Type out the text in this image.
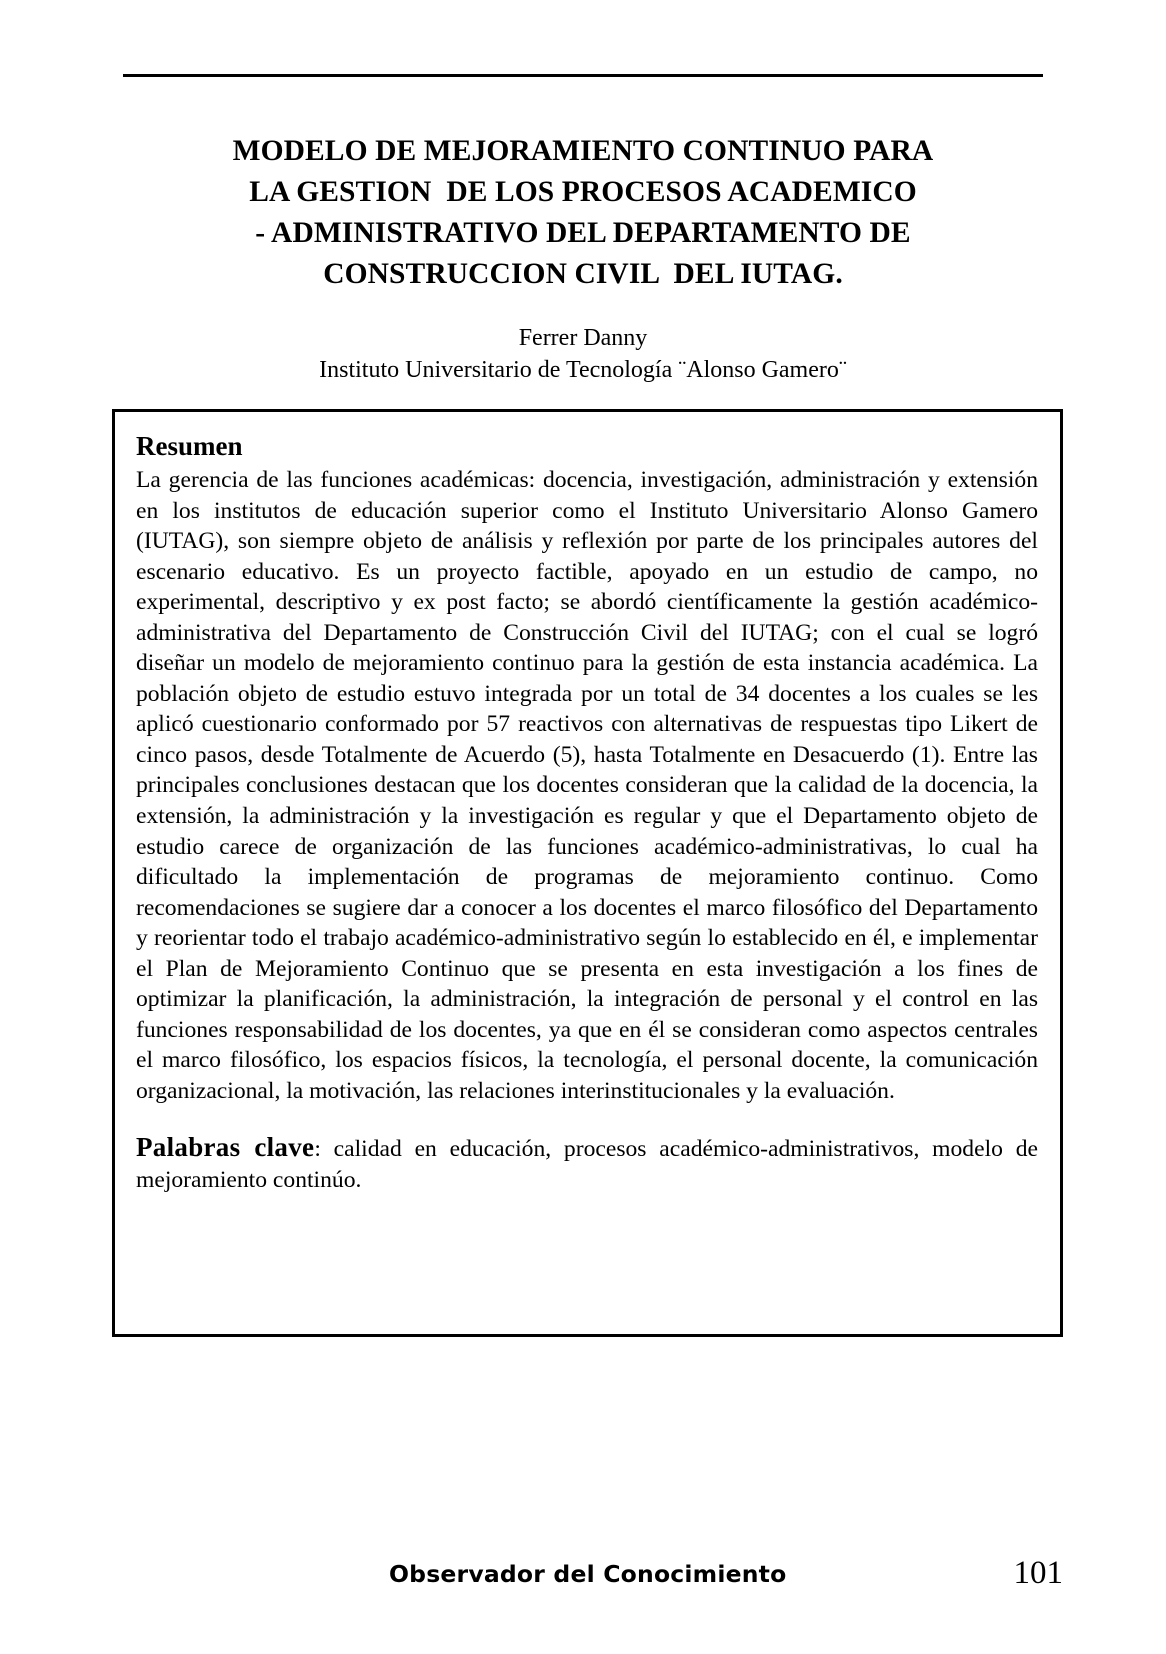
MODELO DE MEJORAMIENTO CONTINUO PARA
LA GESTION  DE LOS PROCESOS ACADEMICO
- ADMINISTRATIVO DEL DEPARTAMENTO DE
CONSTRUCCION CIVIL  DEL IUTAG.
Ferrer Danny
Instituto Universitario de Tecnología ¨Alonso Gamero¨
Resumen

La gerencia de las funciones académicas: docencia, investigación, administración y extensión en los institutos de educación superior como el Instituto Universitario Alonso Gamero (IUTAG), son siempre objeto de análisis y reflexión por parte de los principales autores del escenario educativo. Es un proyecto factible, apoyado en un estudio de campo, no experimental, descriptivo y ex post facto; se abordó científicamente la gestión académico-administrativa del Departamento de Construcción Civil del IUTAG; con el cual se logró diseñar un modelo de mejoramiento continuo para la gestión de esta instancia académica. La población objeto de estudio estuvo integrada por un total de 34 docentes a los cuales se les aplicó cuestionario conformado por 57 reactivos con alternativas de respuestas tipo Likert de cinco pasos, desde Totalmente de Acuerdo (5), hasta Totalmente en Desacuerdo (1). Entre las principales conclusiones destacan que los docentes consideran que la calidad de la docencia, la extensión, la administración y la investigación es regular y que el Departamento objeto de estudio carece de organización de las funciones académico-administrativas, lo cual ha dificultado la implementación de programas de mejoramiento continuo. Como recomendaciones se sugiere dar a conocer a los docentes el marco filosófico del Departamento y reorientar todo el trabajo académico-administrativo según lo establecido en él, e implementar el Plan de Mejoramiento Continuo que se presenta en esta investigación a los fines de optimizar la planificación, la administración, la integración de personal y el control en las funciones responsabilidad de los docentes, ya que en él se consideran como aspectos centrales el marco filosófico, los espacios físicos, la tecnología, el personal docente, la comunicación organizacional, la motivación, las relaciones interinstitucionales y la evaluación.

Palabras clave: calidad en educación, procesos académico-administrativos, modelo de mejoramiento continúo.
Observador del Conocimiento	101
